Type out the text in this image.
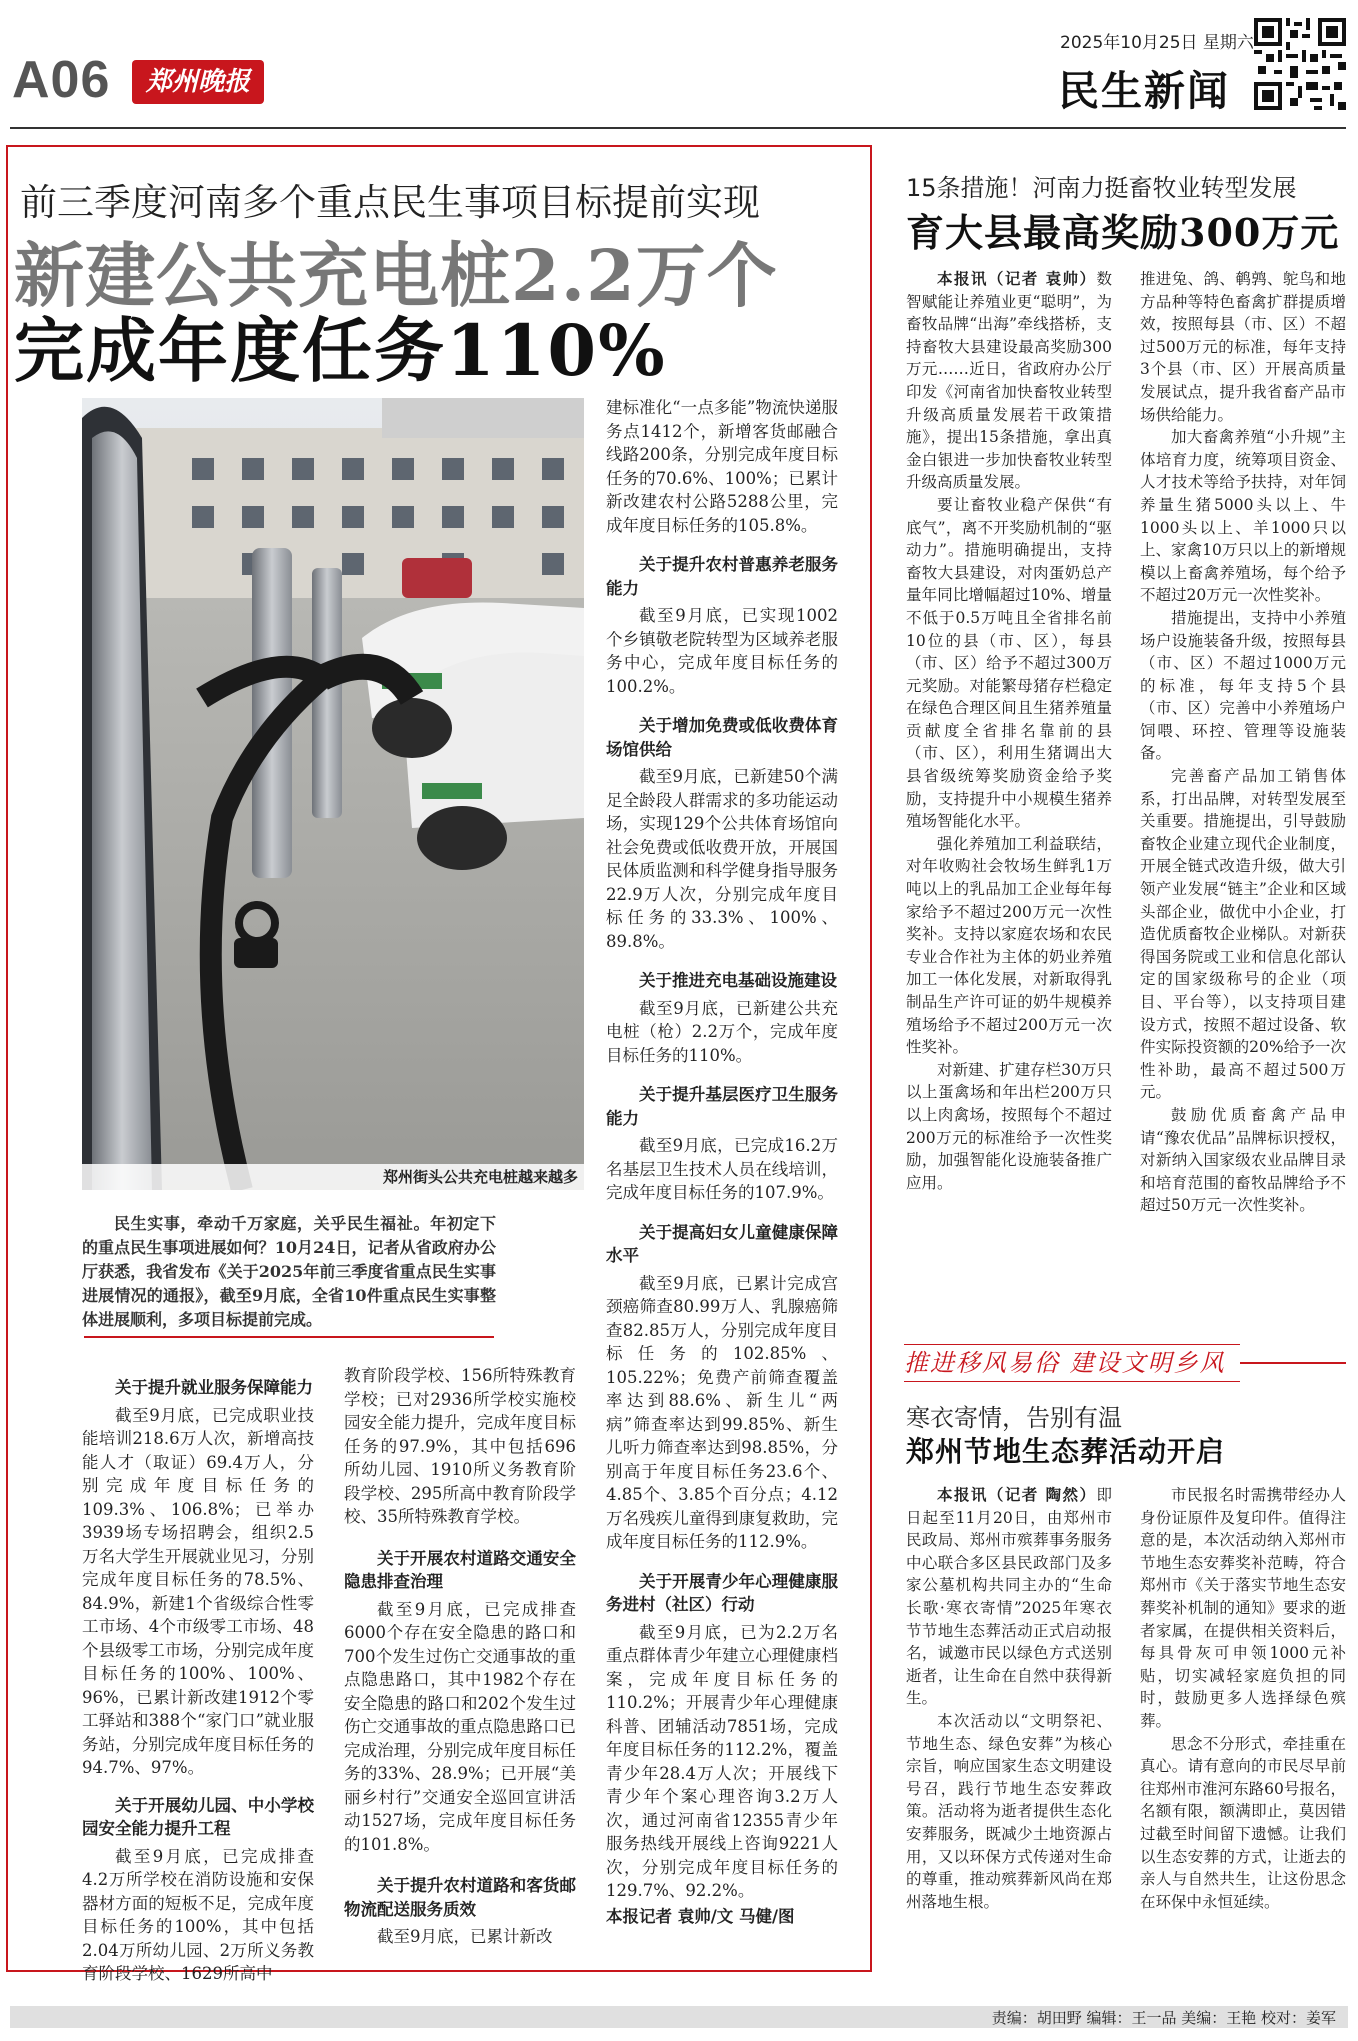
A06	郑州晚报
2025年10月25日 星期六
民生新闻
前三季度河南多个重点民生事项目标提前实现
新建公共充电桩2.2万个
完成年度任务110%
郑州街头公共充电桩越来越多

民生实事，牵动千万家庭，关乎民生福祉。年初定下的重点民生事项进展如何？10月24日，记者从省政府办公厅获悉，我省发布《关于2025年前三季度省重点民生实事进展情况的通报》，截至9月底，全省10件重点民生实事整体进展顺利，多项目标提前完成。

关于提升就业服务保障能力

截至9月底，已完成职业技能培训218.6万人次，新增高技能人才（取证）69.4万人，分别完成年度目标任务的109.3%、106.8%；已举办3939场专场招聘会，组织2.5万名大学生开展就业见习，分别完成年度目标任务的78.5%、84.9%，新建1个省级综合性零工市场、4个市级零工市场、48个县级零工市场，分别完成年度目标任务的100%、100%、96%，已累计新改建1912个零工驿站和388个“家门口”就业服务站，分别完成年度目标任务的94.7%、97%。

关于开展幼儿园、中小学校园安全能力提升工程

截至9月底，已完成排查4.2万所学校在消防设施和安保器材方面的短板不足，完成年度目标任务的100%，其中包括2.04万所幼儿园、2万所义务教育阶段学校、1629所高中

教育阶段学校、156所特殊教育学校；已对2936所学校实施校园安全能力提升，完成年度目标任务的97.9%，其中包括696所幼儿园、1910所义务教育阶段学校、295所高中教育阶段学校、35所特殊教育学校。

关于开展农村道路交通安全隐患排查治理

截至9月底，已完成排查6000个存在安全隐患的路口和700个发生过伤亡交通事故的重点隐患路口，其中1982个存在安全隐患的路口和202个发生过伤亡交通事故的重点隐患路口已完成治理，分别完成年度目标任务的33%、28.9%；已开展“美丽乡村行”交通安全巡回宣讲活动1527场，完成年度目标任务的101.8%。

关于提升农村道路和客货邮物流配送服务质效

截至9月底，已累计新改

建标准化“一点多能”物流快递服务点1412个，新增客货邮融合线路200条，分别完成年度目标任务的70.6%、100%；已累计新改建农村公路5288公里，完成年度目标任务的105.8%。

关于提升农村普惠养老服务能力

截至9月底，已实现1002个乡镇敬老院转型为区域养老服务中心，完成年度目标任务的100.2%。

关于增加免费或低收费体育场馆供给

截至9月底，已新建50个满足全龄段人群需求的多功能运动场，实现129个公共体育场馆向社会免费或低收费开放，开展国民体质监测和科学健身指导服务22.9万人次，分别完成年度目标任务的33.3%、100%、89.8%。

关于推进充电基础设施建设

截至9月底，已新建公共充电桩（枪）2.2万个，完成年度目标任务的110%。

关于提升基层医疗卫生服务能力

截至9月底，已完成16.2万名基层卫生技术人员在线培训，完成年度目标任务的107.9%。

关于提高妇女儿童健康保障水平

截至9月底，已累计完成宫颈癌筛查80.99万人、乳腺癌筛查82.85万人，分别完成年度目标任务的102.85%、105.22%；免费产前筛查覆盖率达到88.6%、新生儿“两病”筛查率达到99.85%、新生儿听力筛查率达到98.85%，分别高于年度目标任务23.6个、4.85个、3.85个百分点；4.12万名残疾儿童得到康复救助，完成年度目标任务的112.9%。

关于开展青少年心理健康服务进村（社区）行动

截至9月底，已为2.2万名重点群体青少年建立心理健康档案，完成年度目标任务的110.2%；开展青少年心理健康科普、团辅活动7851场，完成年度目标任务的112.2%，覆盖青少年28.4万人次；开展线下青少年个案心理咨询3.2万人次，通过河南省12355青少年服务热线开展线上咨询9221人次，分别完成年度目标任务的129.7%、92.2%。

本报记者 袁帅/文 马健/图
15条措施！河南力挺畜牧业转型发展
育大县最高奖励300万元

本报讯（记者 袁帅）数智赋能让养殖业更“聪明”，为畜牧品牌“出海”牵线搭桥，支持畜牧大县建设最高奖励300万元……近日，省政府办公厅印发《河南省加快畜牧业转型升级高质量发展若干政策措施》，提出15条措施，拿出真金白银进一步加快畜牧业转型升级高质量发展。

要让畜牧业稳产保供“有底气”，离不开奖励机制的“驱动力”。措施明确提出，支持畜牧大县建设，对肉蛋奶总产量年同比增幅超过10%、增量不低于0.5万吨且全省排名前10位的县（市、区），每县（市、区）给予不超过300万元奖励。对能繁母猪存栏稳定在绿色合理区间且生猪养殖量贡献度全省排名靠前的县（市、区），利用生猪调出大县省级统筹奖励资金给予奖励，支持提升中小规模生猪养殖场智能化水平。

强化养殖加工利益联结，对年收购社会牧场生鲜乳1万吨以上的乳品加工企业每年每家给予不超过200万元一次性奖补。支持以家庭农场和农民专业合作社为主体的奶业养殖加工一体化发展，对新取得乳制品生产许可证的奶牛规模养殖场给予不超过200万元一次性奖补。

对新建、扩建存栏30万只以上蛋禽场和年出栏200万只以上肉禽场，按照每个不超过200万元的标准给予一次性奖励，加强智能化设施装备推广应用。

推进兔、鸽、鹌鹑、鸵鸟和地方品种等特色畜禽扩群提质增效，按照每县（市、区）不超过500万元的标准，每年支持3个县（市、区）开展高质量发展试点，提升我省畜产品市场供给能力。

加大畜禽养殖“小升规”主体培育力度，统筹项目资金、人才技术等给予扶持，对年饲养量生猪5000头以上、牛1000头以上、羊1000只以上、家禽10万只以上的新增规模以上畜禽养殖场，每个给予不超过20万元一次性奖补。

措施提出，支持中小养殖场户设施装备升级，按照每县（市、区）不超过1000万元的标准，每年支持5个县（市、区）完善中小养殖场户饲喂、环控、管理等设施装备。

完善畜产品加工销售体系，打出品牌，对转型发展至关重要。措施提出，引导鼓励畜牧企业建立现代企业制度，开展全链式改造升级，做大引领产业发展“链主”企业和区域头部企业，做优中小企业，打造优质畜牧企业梯队。对新获得国务院或工业和信息化部认定的国家级称号的企业（项目、平台等），以支持项目建设方式，按照不超过设备、软件实际投资额的20%给予一次性补助，最高不超过500万元。

鼓励优质畜禽产品申请“豫农优品”品牌标识授权，对新纳入国家级农业品牌目录和培育范围的畜牧品牌给予不超过50万元一次性奖补。

推进移风易俗 建设文明乡风
寒衣寄情，告别有温
郑州节地生态葬活动开启

本报讯（记者 陶然）即日起至11月20日，由郑州市民政局、郑州市殡葬事务服务中心联合多区县民政部门及多家公墓机构共同主办的“生命长歌·寒衣寄情”2025年寒衣节节地生态葬活动正式启动报名，诚邀市民以绿色方式送别逝者，让生命在自然中获得新生。

本次活动以“文明祭祀、节地生态、绿色安葬”为核心宗旨，响应国家生态文明建设号召，践行节地生态安葬政策。活动将为逝者提供生态化安葬服务，既减少土地资源占用，又以环保方式传递对生命的尊重，推动殡葬新风尚在郑州落地生根。

市民报名时需携带经办人身份证原件及复印件。值得注意的是，本次活动纳入郑州市节地生态安葬奖补范畴，符合郑州市《关于落实节地生态安葬奖补机制的通知》要求的逝者家属，在提供相关资料后，每具骨灰可申领1000元补贴，切实减轻家庭负担的同时，鼓励更多人选择绿色殡葬。

思念不分形式，牵挂重在真心。请有意向的市民尽早前往郑州市淮河东路60号报名，名额有限，额满即止，莫因错过截至时间留下遗憾。让我们以生态安葬的方式，让逝去的亲人与自然共生，让这份思念在环保中永恒延续。

责编：胡田野 编辑：王一品 美编：王艳 校对：姜军
